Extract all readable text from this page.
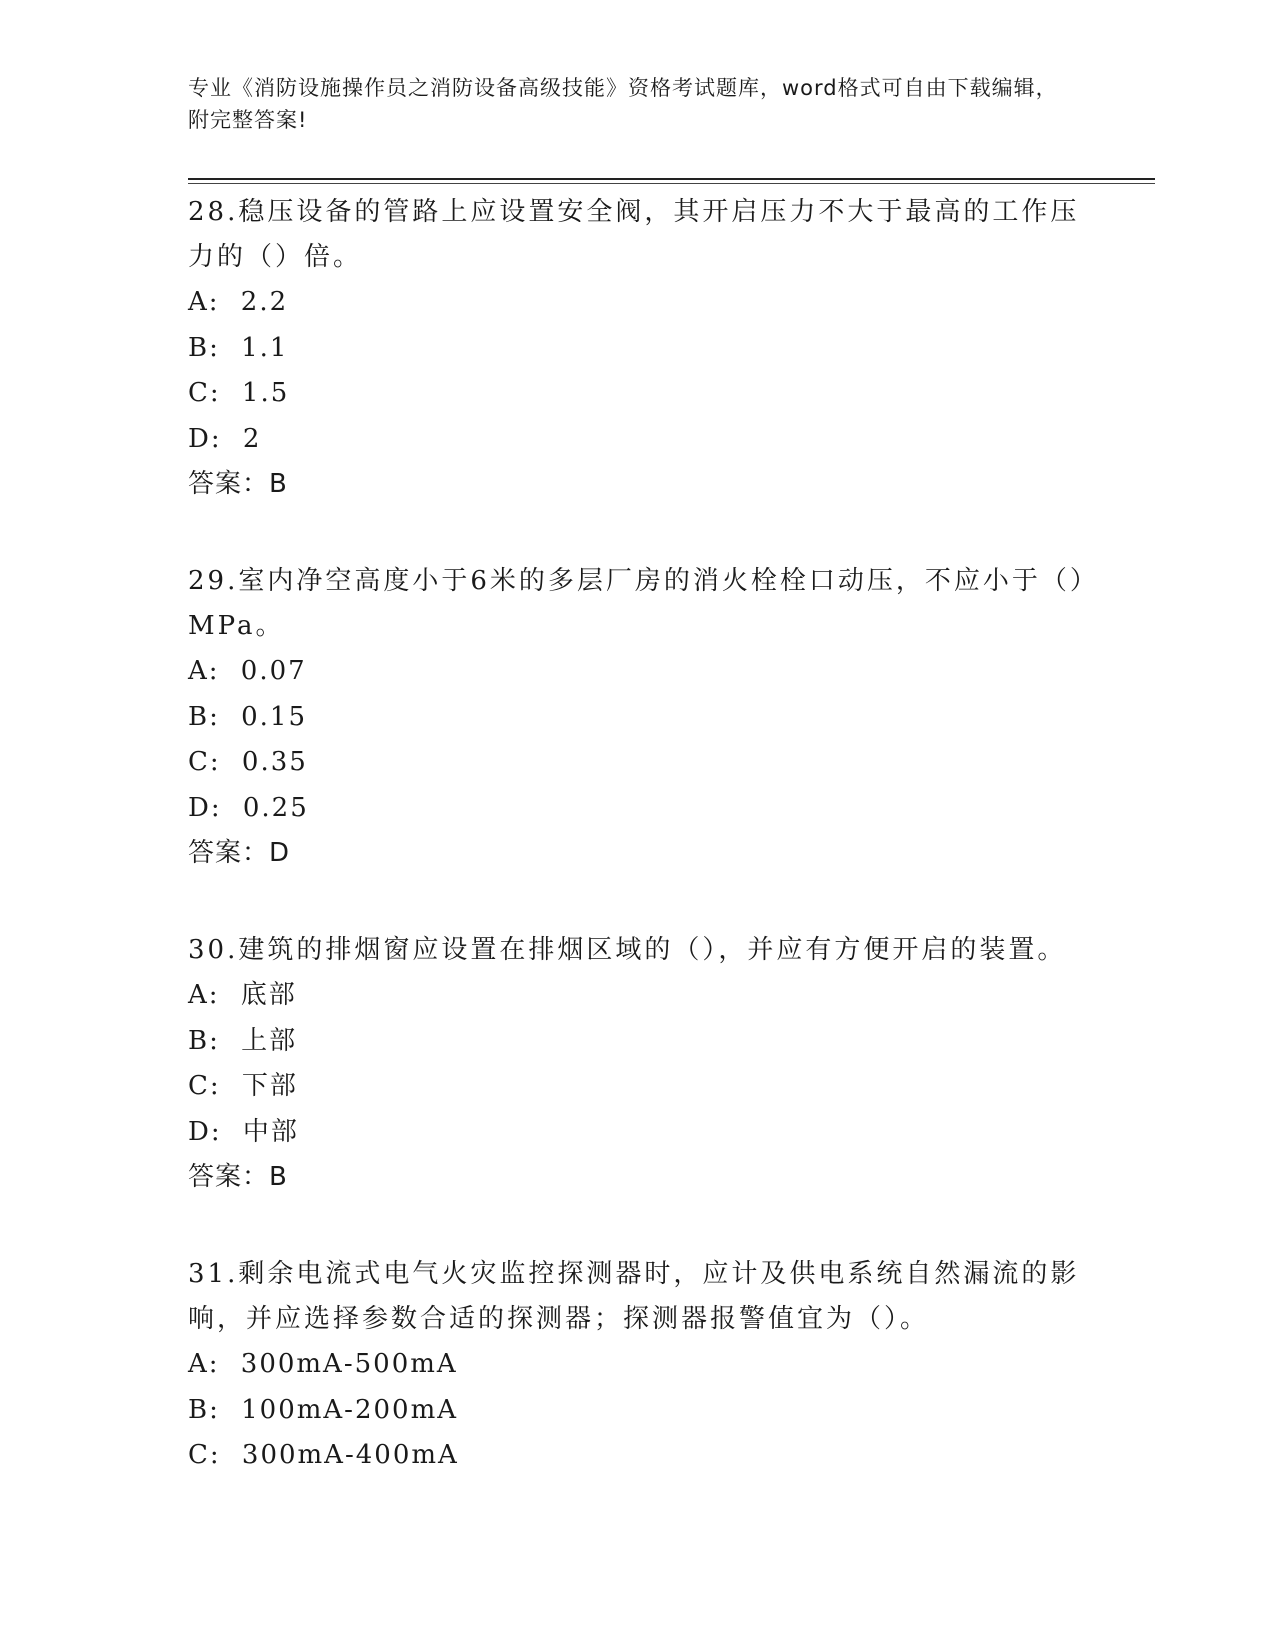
专业《消防设施操作员之消防设备高级技能》资格考试题库，word格式可自由下载编辑，附完整答案!

28.稳压设备的管路上应设置安全阀，其开启压力不大于最高的工作压力的（）倍。

A : 2.2

B : 1.1

C : 1.5

D : 2

答案：B

29.室内净空高度小于6米的多层厂房的消火栓栓口动压，不应小于（）MPa。

A : 0.07

B : 0.15

C : 0.35

D : 0.25

答案：D

30.建筑的排烟窗应设置在排烟区域的（），并应有方便开启的装置。

A : 底部

B : 上部

C : 下部

D : 中部

答案：B

31.剩余电流式电气火灾监控探测器时，应计及供电系统自然漏流的影响，并应选择参数合适的探测器；探测器报警值宜为（）。

A : 300mA-500mA

B : 100mA-200mA

C : 300mA-400mA
